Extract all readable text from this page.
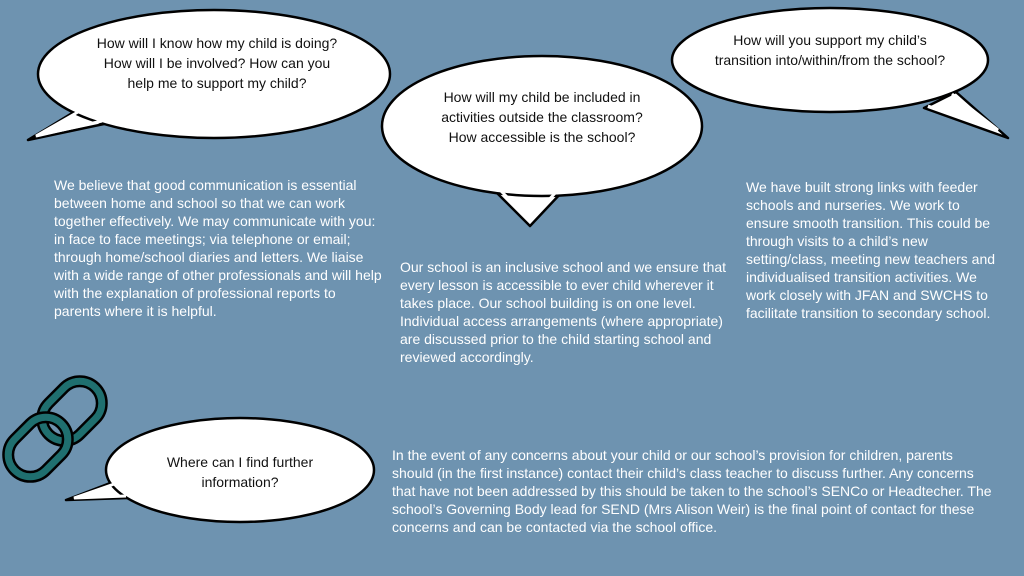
How will I know how my child is doing? How will I be involved? How can you help me to support my child?

How will my child be included in activities outside the classroom? How accessible is the school?

How will you support my child’s transition into/within/from the school?

Where can I find further information?

We believe that good communication is essential between home and school so that we can work together effectively. We may communicate with you: in face to face meetings; via telephone or email; through home/school diaries and letters. We liaise with a wide range of other professionals and will help with the explanation of professional reports to parents where it is helpful.

Our school is an inclusive school and we ensure that every lesson is accessible to ever child wherever it takes place. Our school building is on one level. Individual access arrangements (where appropriate) are discussed prior to the child starting school and reviewed accordingly.

We have built strong links with feeder schools and nurseries. We work to ensure smooth transition. This could be through visits to a child’s new setting/class, meeting new teachers and individualised transition activities. We work closely with JFAN and SWCHS to facilitate transition to secondary school.

In the event of any concerns about your child or our school’s provision for children, parents should (in the first instance) contact their child’s class teacher to discuss further. Any concerns that have not been addressed by this should be taken to the school’s SENCo or Headtecher. The school’s Governing Body lead for SEND (Mrs Alison Weir) is the final point of contact for these concerns and can be contacted via the school office.
